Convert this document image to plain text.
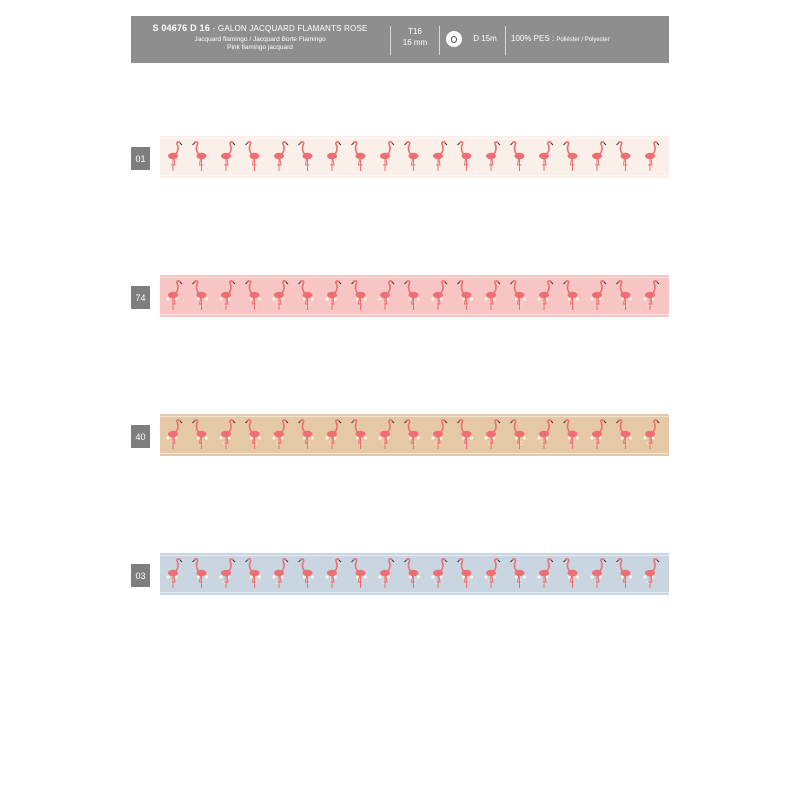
S 04676 D 16 - GALON JACQUARD FLAMANTS ROSE
Jacquard flamingo / Jacquard Borte Flamingo
Pink flamingo jacquard
T16
16 mm	D 15m	100% PES : Poliéster / Polyester
01
74
40
03
